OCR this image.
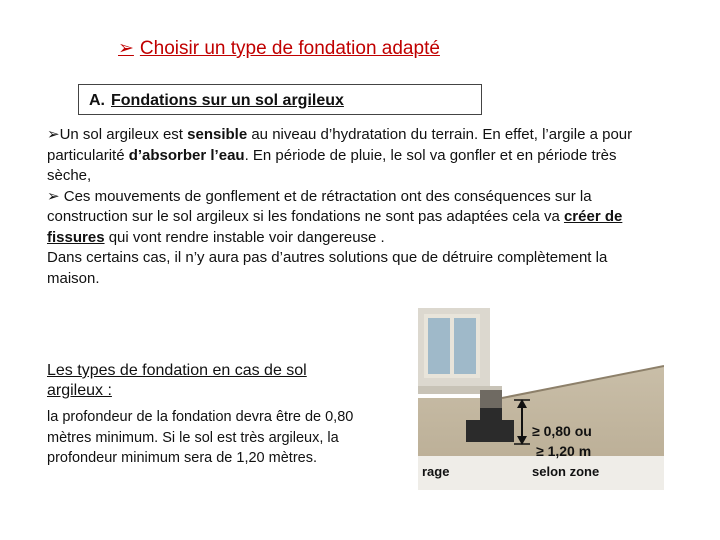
➢ Choisir un type de fondation adapté
A. Fondations sur un sol argileux

➢Un sol argileux est sensible au niveau d’hydratation du terrain. En effet, l’argile a pour particularité d’absorber l’eau. En période de pluie, le sol va gonfler et en période très sèche,

➢ Ces mouvements de gonflement et de rétractation ont des conséquences sur la construction sur le sol argileux si les fondations ne sont pas adaptées cela va créer de fissures qui vont rendre instable voir dangereuse .

Dans certains cas, il n’y aura pas d’autres solutions que de détruire complètement la maison.

Les types de fondation en cas de sol argileux :
la profondeur de la fondation devra être de 0,80 mètres minimum. Si le sol est très argileux, la profondeur minimum sera de 1,20 mètres.
≥ 0,80 ou
≥ 1,20 m
selon zone
rage
